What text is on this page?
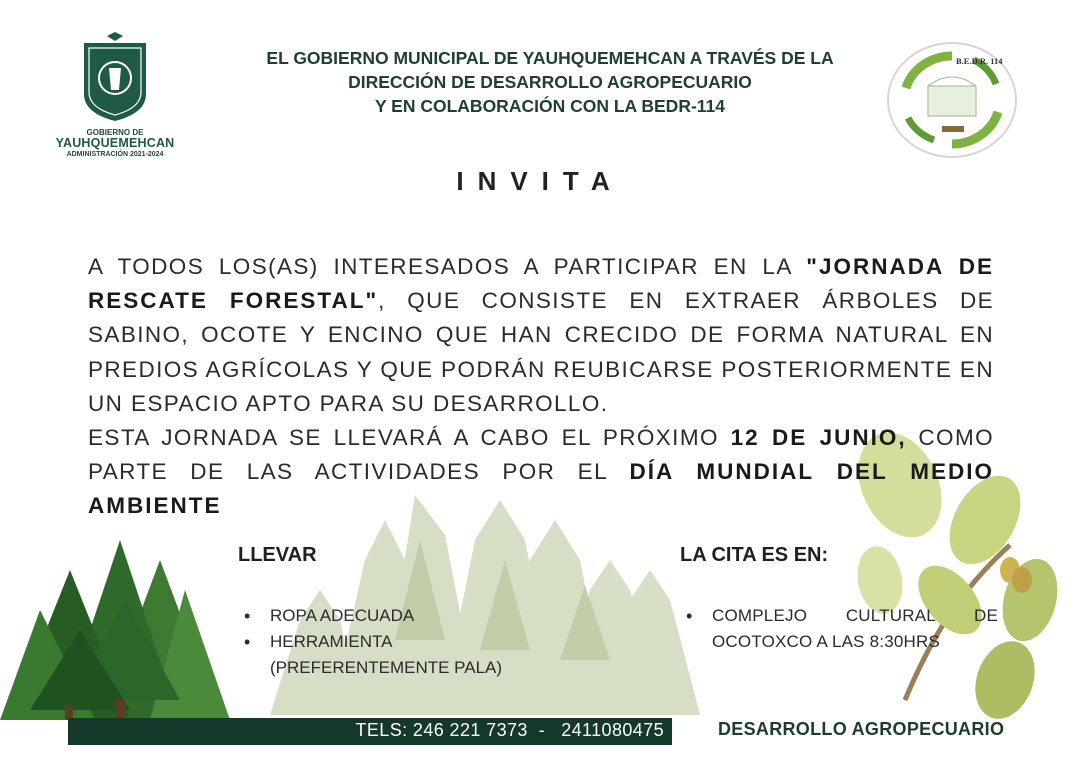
GOBIERNO DE
YAUHQUEMEHCAN
ADMINISTRACIÓN 2021-2024
EL GOBIERNO MUNICIPAL DE YAUHQUEMEHCAN A TRAVÉS DE LA
DIRECCIÓN DE DESARROLLO AGROPECUARIO
Y EN COLABORACIÓN CON LA BEDR-114
B.E.D.R. 114
INVITA

A TODOS LOS(AS) INTERESADOS A PARTICIPAR EN LA "JORNADA DE RESCATE FORESTAL", QUE CONSISTE EN EXTRAER ÁRBOLES DE SABINO, OCOTE Y ENCINO QUE HAN CRECIDO DE FORMA NATURAL EN PREDIOS AGRÍCOLAS Y QUE PODRÁN REUBICARSE POSTERIORMENTE EN UN ESPACIO APTO PARA SU DESARROLLO.

ESTA JORNADA SE LLEVARÁ A CABO EL PRÓXIMO 12 DE JUNIO, COMO PARTE DE LAS ACTIVIDADES POR EL DÍA MUNDIAL DEL MEDIO AMBIENTE

LLEVAR
• ROPA ADECUADA
• HERRAMIENTA (PREFERENTEMENTE PALA)
LA CITA ES EN:
• COMPLEJO CULTURAL DE OCOTOXCO A LAS 8:30HRS
TELS: 246 221 7373  -   2411080475	DESARROLLO AGROPECUARIO
